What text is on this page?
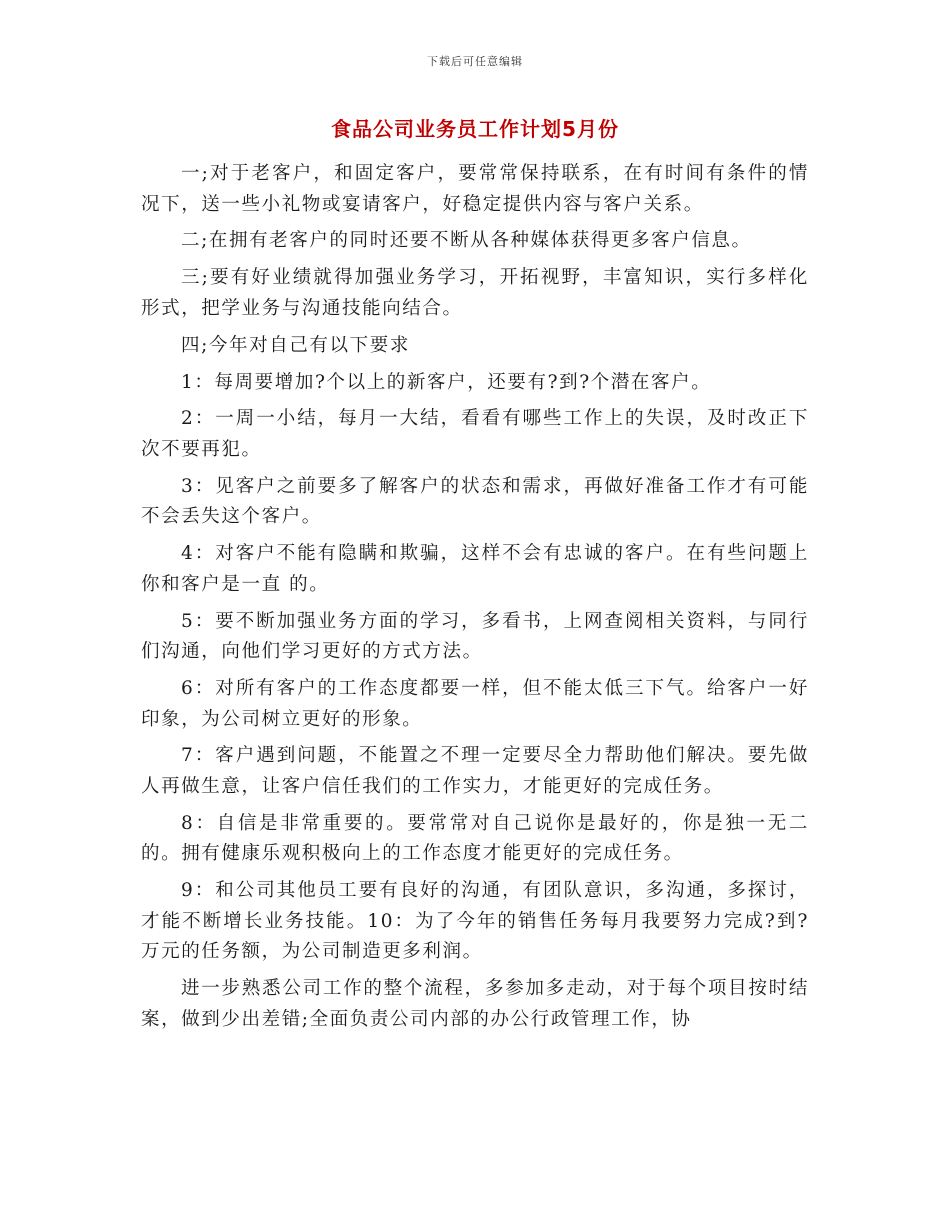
下载后可任意编辑
食品公司业务员工作计划5月份

一;对于老客户，和固定客户，要常常保持联系，在有时间有条件的情况下，送一些小礼物或宴请客户，好稳定提供内容与客户关系。

二;在拥有老客户的同时还要不断从各种媒体获得更多客户信息。

三;要有好业绩就得加强业务学习，开拓视野，丰富知识，实行多样化形式，把学业务与沟通技能向结合。

四;今年对自己有以下要求

1：每周要增加?个以上的新客户，还要有?到?个潜在客户。

2：一周一小结，每月一大结，看看有哪些工作上的失误，及时改正下次不要再犯。

3：见客户之前要多了解客户的状态和需求，再做好准备工作才有可能不会丢失这个客户。

4：对客户不能有隐瞒和欺骗，这样不会有忠诚的客户。在有些问题上你和客户是一直 的。

5：要不断加强业务方面的学习，多看书，上网查阅相关资料，与同行们沟通，向他们学习更好的方式方法。

6：对所有客户的工作态度都要一样，但不能太低三下气。给客户一好印象，为公司树立更好的形象。

7：客户遇到问题，不能置之不理一定要尽全力帮助他们解决。要先做人再做生意，让客户信任我们的工作实力，才能更好的完成任务。

8：自信是非常重要的。要常常对自己说你是最好的，你是独一无二的。拥有健康乐观积极向上的工作态度才能更好的完成任务。

9：和公司其他员工要有良好的沟通，有团队意识，多沟通，多探讨，才能不断增长业务技能。10：为了今年的销售任务每月我要努力完成?到?万元的任务额，为公司制造更多利润。

进一步熟悉公司工作的整个流程，多参加多走动，对于每个项目按时结案，做到少出差错;全面负责公司内部的办公行政管理工作，协
